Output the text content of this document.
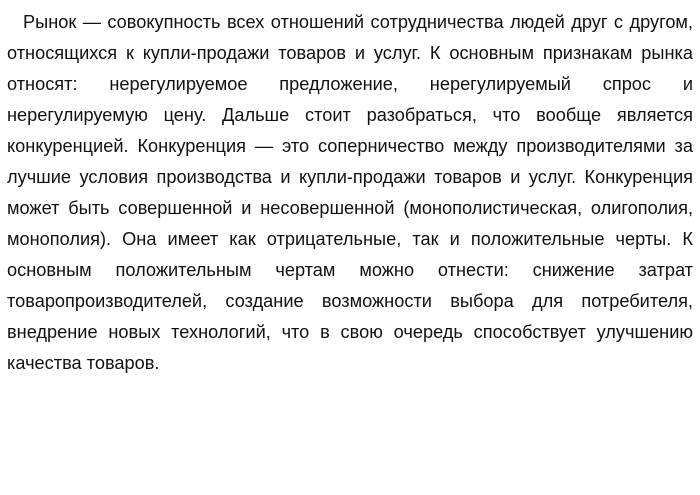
Рынок — совокупность всех отношений сотрудничества людей друг с другом, относящихся к купли-продажи товаров и услуг. К основным признакам рынка относят: нерегулируемое предложение, нерегулируемый спрос и нерегулируемую цену. Дальше стоит разобраться, что вообще является конкуренцией. Конкуренция — это соперничество между производителями за лучшие условия производства и купли-продажи товаров и услуг. Конкуренция может быть совершенной и несовершенной (монополистическая, олигополия, монополия). Она имеет как отрицательные, так и положительные черты. К основным положительным чертам можно отнести: снижение затрат товаропроизводителей, создание возможности выбора для потребителя, внедрение новых технологий, что в свою очередь способствует улучшению качества товаров.
